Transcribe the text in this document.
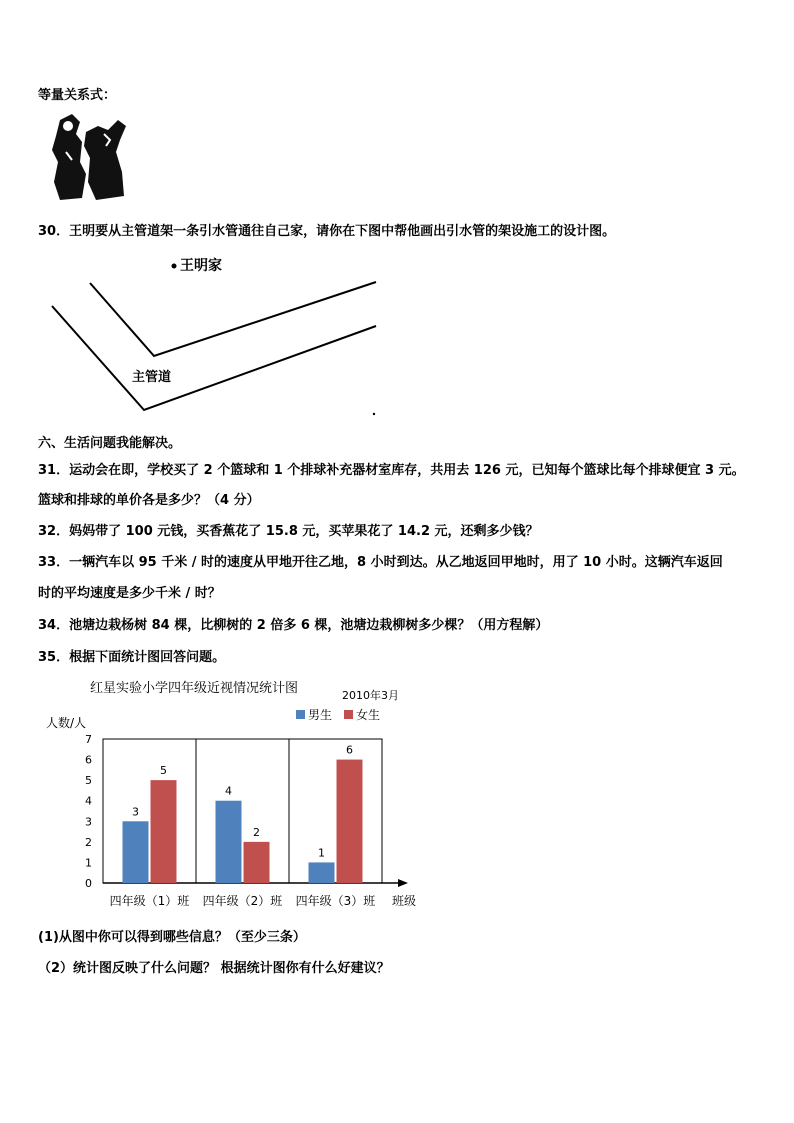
等量关系式：
30．王明要从主管道架一条引水管通往自己家，请你在下图中帮他画出引水管的架设施工的设计图。
王明家
主管道
六、生活问题我能解决。
31．运动会在即，学校买了 2 个篮球和 1 个排球补充器材室库存，共用去 126 元，已知每个篮球比每个排球便宜 3 元。
篮球和排球的单价各是多少？（4 分）
32．妈妈带了 100 元钱，买香蕉花了 15.8 元，买苹果花了 14.2 元，还剩多少钱？
33．一辆汽车以 95 千米 / 时的速度从甲地开往乙地，8 小时到达。从乙地返回甲地时，用了 10 小时。这辆汽车返回
时的平均速度是多少千米 / 时？
34．池塘边栽杨树 84 棵，比柳树的 2 倍多 6 棵，池塘边栽柳树多少棵？（用方程解）
35．根据下面统计图回答问题。
红星实验小学四年级近视情况统计图	2010年3月
人数/人
班级
男生 女生
0
1
2
3
4
5
6
7
3
5
四年级（1）班
4
2
四年级（2）班
1
6
四年级（3）班
(1)从图中你可以得到哪些信息？（至少三条）
（2）统计图反映了什么问题？ 根据统计图你有什么好建议？
